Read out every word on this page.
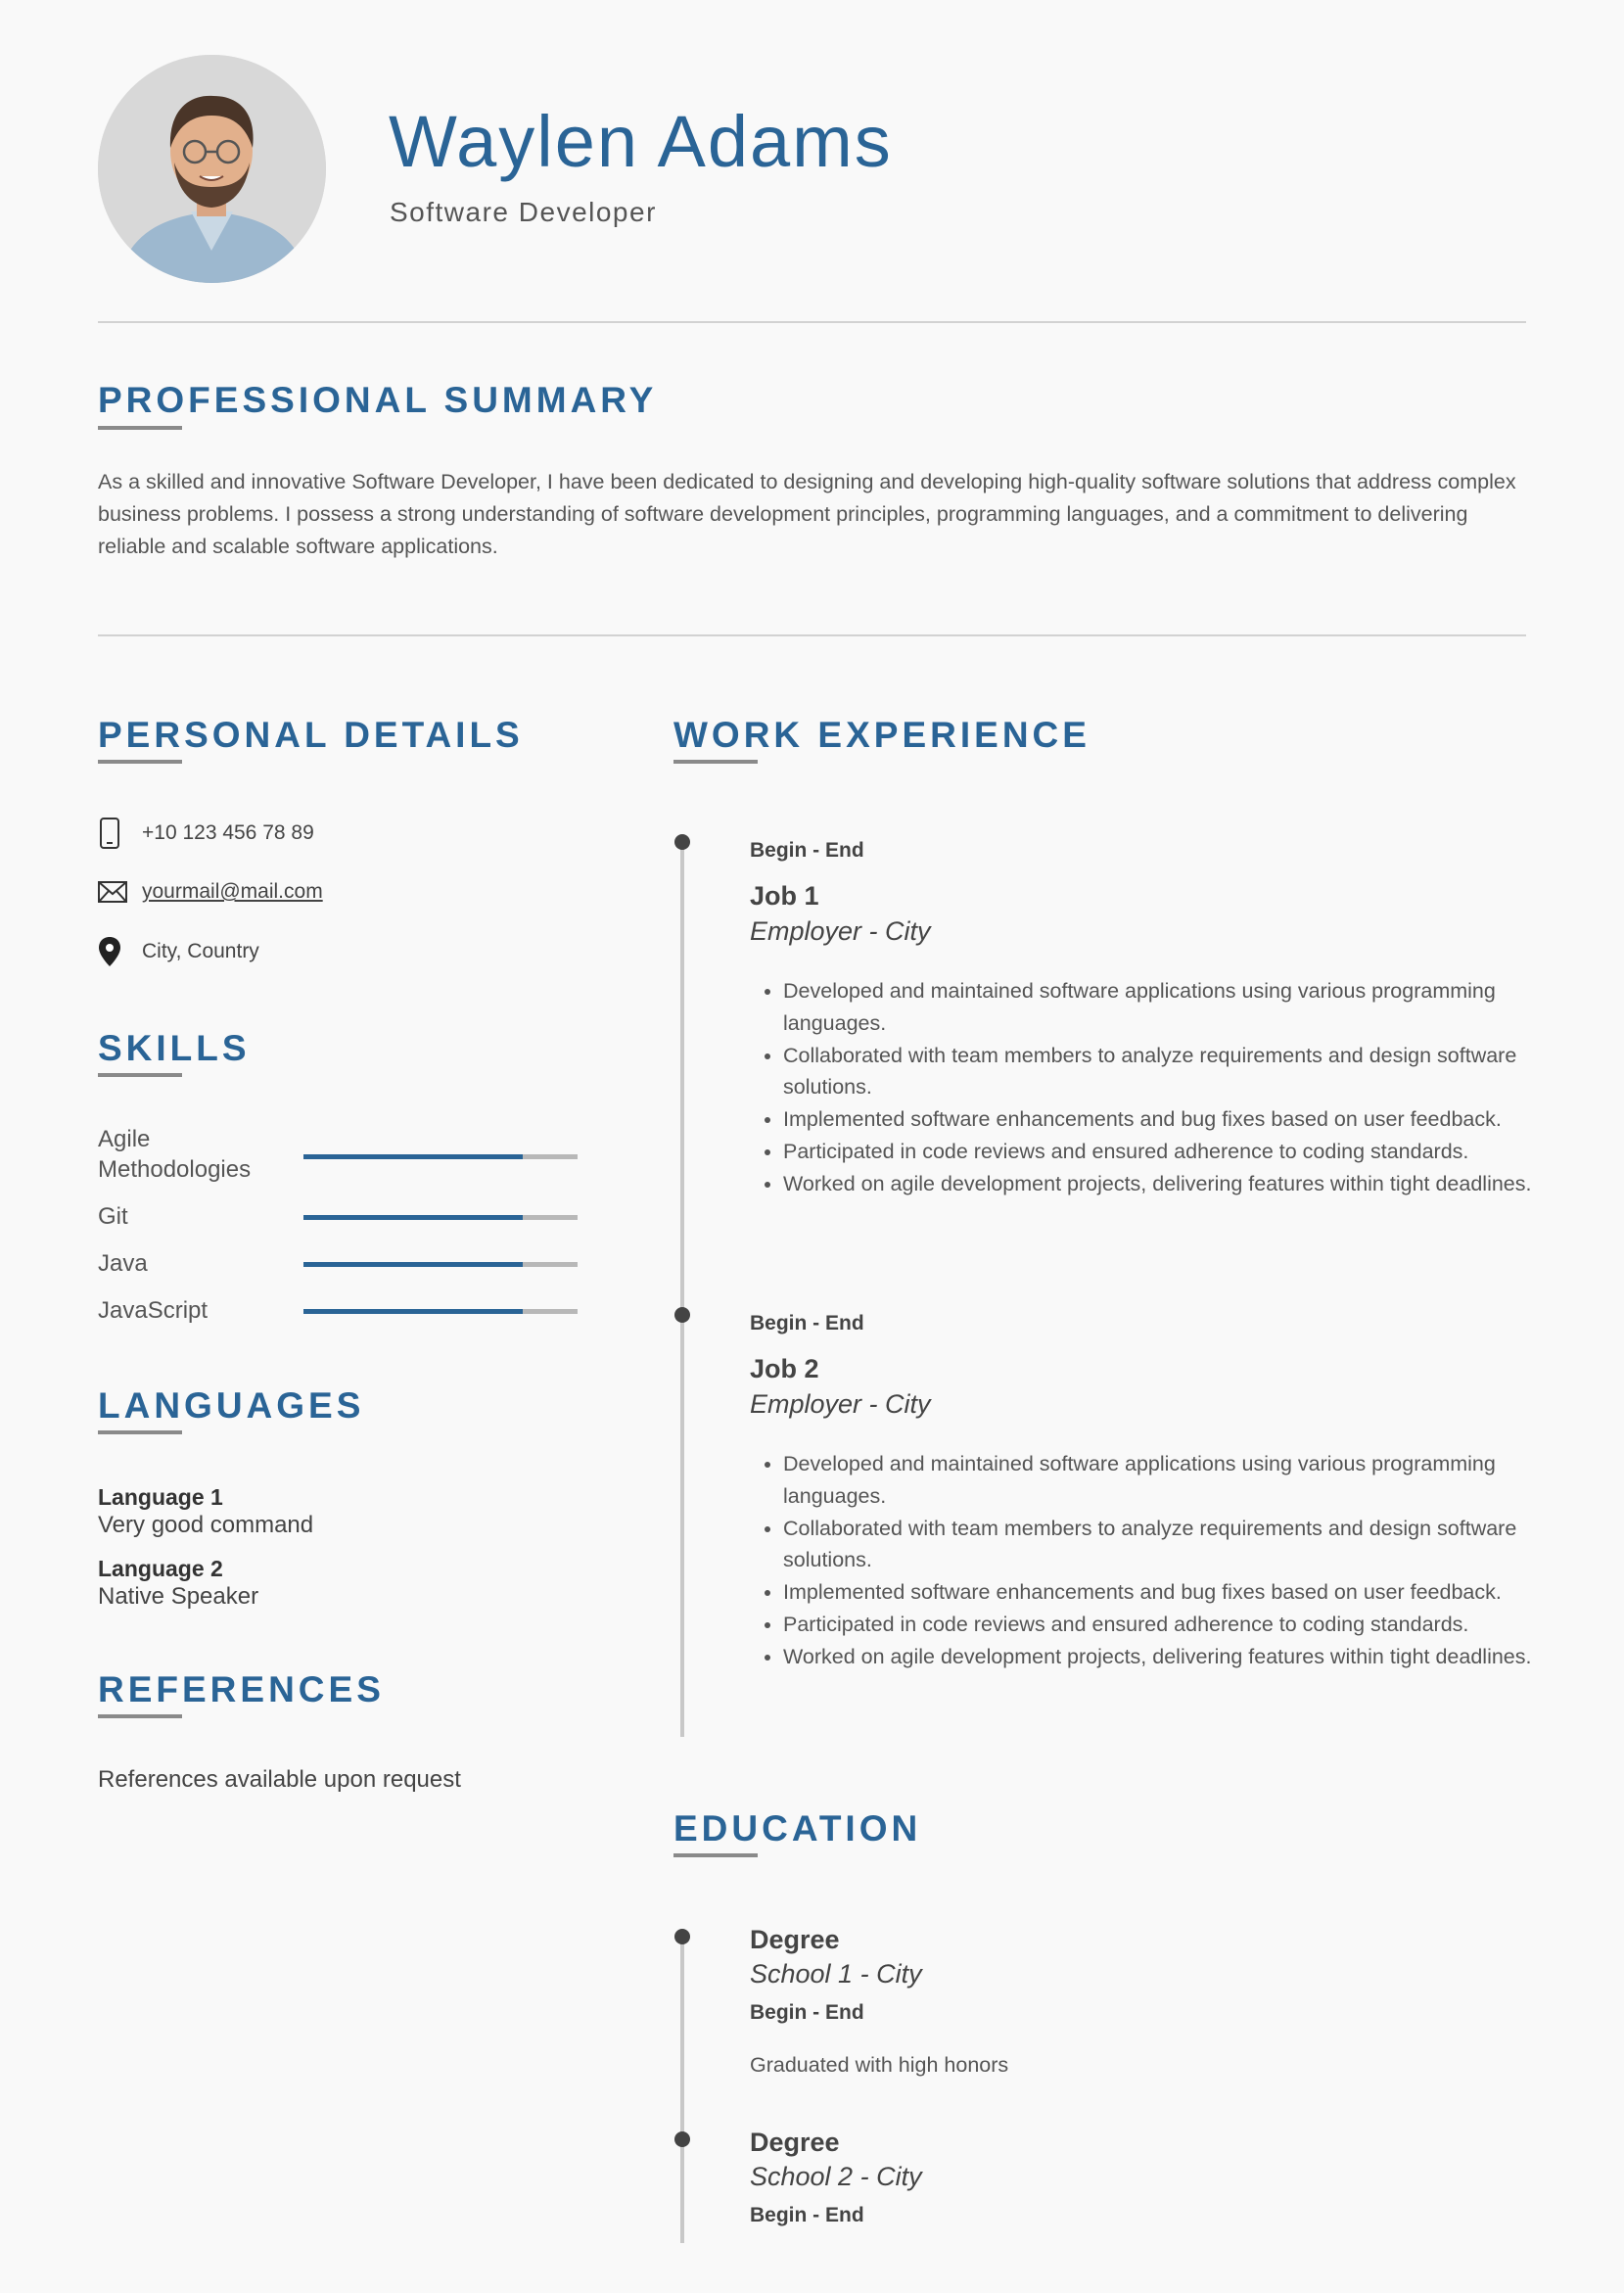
Waylen Adams
Software Developer
PROFESSIONAL SUMMARY
As a skilled and innovative Software Developer, I have been dedicated to designing and developing high-quality software solutions that address complex business problems. I possess a strong understanding of software development principles, programming languages, and a commitment to delivering reliable and scalable software applications.
PERSONAL DETAILS
+10 123 456 78 89
yourmail@mail.com
City, Country
SKILLS
Agile Methodologies
Git
Java
JavaScript
LANGUAGES
Language 1
Very good command
Language 2
Native Speaker
REFERENCES
References available upon request
WORK EXPERIENCE
Begin - End
Job 1
Employer - City
• Developed and maintained software applications using various programming languages.
• Collaborated with team members to analyze requirements and design software solutions.
• Implemented software enhancements and bug fixes based on user feedback.
• Participated in code reviews and ensured adherence to coding standards.
• Worked on agile development projects, delivering features within tight deadlines.
Begin - End
Job 2
Employer - City
• Developed and maintained software applications using various programming languages.
• Collaborated with team members to analyze requirements and design software solutions.
• Implemented software enhancements and bug fixes based on user feedback.
• Participated in code reviews and ensured adherence to coding standards.
• Worked on agile development projects, delivering features within tight deadlines.
EDUCATION
Degree
School 1 - City
Begin - End
Graduated with high honors
Degree
School 2 - City
Begin - End
